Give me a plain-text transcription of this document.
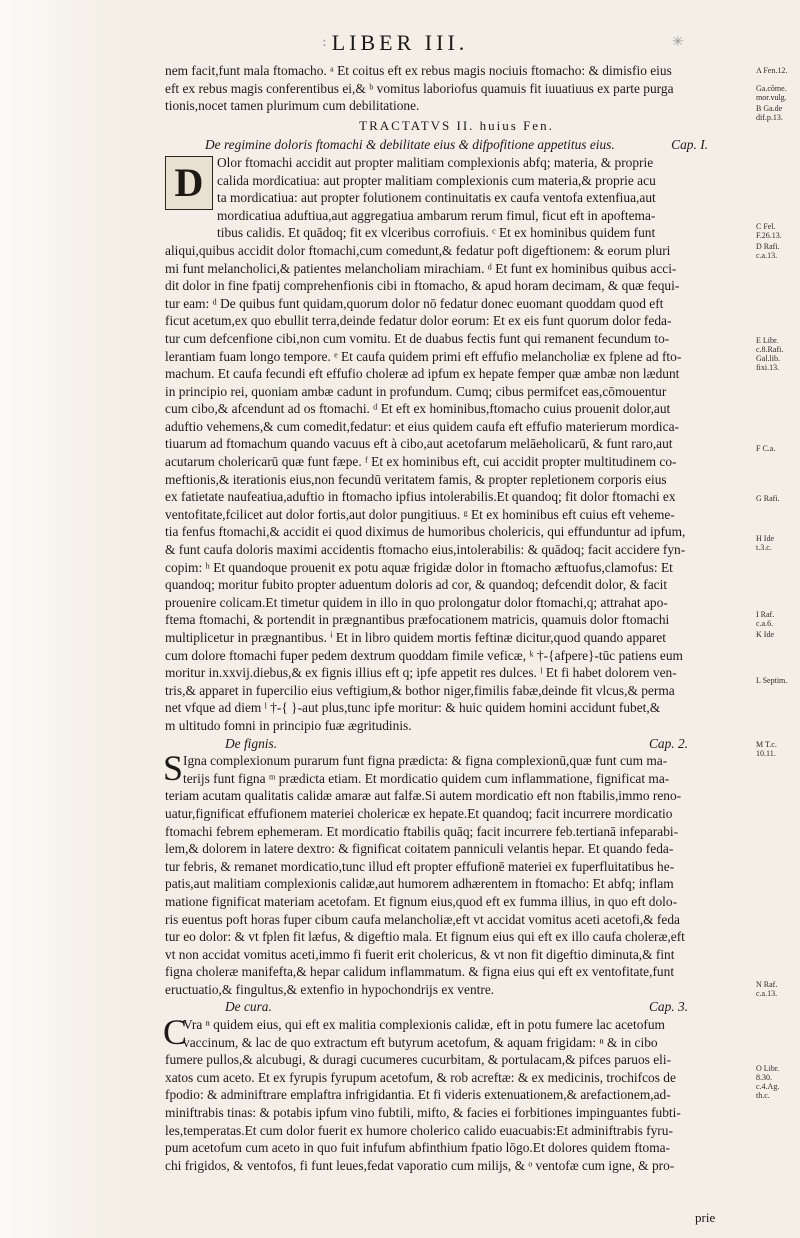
:	✳
LIBER III.
nem facit,funt mala ftomacho. ᵃ Et coitus eft ex rebus magis nociuis ftomacho: & dimisfio eius
eft ex rebus magis conferentibus ei,& ᵇ vomitus laboriofus quamuis fit iuuatiuus ex parte purga
tionis,nocet tamen plurimum cum debilitatione.
TRACTATVS II. huius Fen.
De regimine doloris ftomachi & debilitate eius & difpofitione appetitus eius.	Cap. I.
D	Olor ftomachi accidit aut propter malitiam complexionis abfq; materia, & proprie
calida mordicatiua: aut propter malitiam complexionis cum materia,& proprie acu
ta mordicatiua: aut propter folutionem continuitatis ex caufa ventofa extenfiua,aut
mordicatiua aduftiua,aut aggregatiua ambarum rerum fimul, ficut eft in apoftema-
tibus calidis. Et quādoq; fit ex vlceribus corrofiuis. ᶜ Et ex hominibus quidem funt
aliqui,quibus accidit dolor ftomachi,cum comedunt,& fedatur poft digeftionem: & eorum pluri
mi funt melancholici,& patientes melancholiam mirachiam. ᵈ Et funt ex hominibus quibus acci-
dit dolor in fine fpatij comprehenfionis cibi in ftomacho, & apud horam decimam, & quæ fequi-
tur eam: ᵈ De quibus funt quidam,quorum dolor nō fedatur donec euomant quoddam quod eft
ficut acetum,ex quo ebullit terra,deinde fedatur dolor eorum: Et ex eis funt quorum dolor feda-
tur cum defcenfione cibi,non cum vomitu. Et de duabus fectis funt qui remanent fecundum to-
lerantiam fuam longo tempore. ᵉ Et caufa quidem primi eft effufio melancholiæ ex fplene ad fto-
machum. Et caufa fecundi eft effufio choleræ ad ipfum ex hepate femper quæ ambæ non lædunt
in principio rei, quoniam ambæ cadunt in profundum. Cumq; cibus permifcet eas,cōmouentur
cum cibo,& afcendunt ad os ftomachi. ᵈ Et eft ex hominibus,ftomacho cuius prouenit dolor,aut
aduftio vehemens,& cum comedit,fedatur: et eius quidem caufa eft effufio materierum mordica-
tiuarum ad ftomachum quando vacuus eft à cibo,aut acetofarum melāeholicarū, & funt raro,aut
acutarum cholericarū quæ funt fæpe. ᶠ Et ex hominibus eft, cui accidit propter multitudinem co-
meftionis,& iterationis eius,non fecundū veritatem famis, & propter repletionem corporis eius
ex fatietate naufeatiua,aduftio in ftomacho ipfius intolerabilis.Et quandoq; fit dolor ftomachi ex
ventofitate,fcilicet aut dolor fortis,aut dolor pungitiuus. ᵍ Et ex hominibus eft cuius eft veheme-
tia fenfus ftomachi,& accidit ei quod diximus de humoribus cholericis, qui effunduntur ad ipfum,
& funt caufa doloris maximi accidentis ftomacho eius,intolerabilis: & quādoq; facit accidere fyn-
copim: ʰ Et quandoque prouenit ex potu aquæ frigidæ dolor in ftomacho æftuofus,clamofus: Et
quandoq; moritur fubito propter aduentum doloris ad cor, & quandoq; defcendit dolor, & facit
prouenire colicam.Et timetur quidem in illo in quo prolongatur dolor ftomachi,q; attrahat apo-
ftema ftomachi, & portendit in prægnantibus præfocationem matricis, quamuis dolor ftomachi
multiplicetur in prægnantibus. ⁱ Et in libro quidem mortis feftinæ dicitur,quod quando apparet
cum dolore ftomachi fuper pedem dextrum quoddam fimile veficæ, ᵏ †-{afpere}-tūc patiens eum
moritur in.xxvij.diebus,& ex fignis illius eft q; ipfe appetit res dulces. ˡ Et fi habet dolorem ven-
tris,& apparet in fupercilio eius veftigium,& bothor niger,fimilis fabæ,deinde fit vlcus,& perma
net vfque ad diem ˡ †-{ }-aut plus,tunc ipfe moritur: & huic quidem homini accidunt fubet,&
m ultitudo fomni in principio fuæ ægritudinis.
De fignis.	Cap. 2.
S Igna complexionum purarum funt figna prædicta: & figna complexionū,quæ funt cum ma-
terijs funt figna ᵐ prædicta etiam. Et mordicatio quidem cum inflammatione, fignificat ma-
teriam acutam qualitatis calidæ amaræ aut falfæ.Si autem mordicatio eft non ftabilis,immo reno-
uatur,fignificat effufionem materiei cholericæ ex hepate.Et quandoq; facit incurrere mordicatio
ftomachi febrem ephemeram. Et mordicatio ftabilis quāq; facit incurrere feb.tertianā infeparabi-
lem,& dolorem in latere dextro: & fignificat coitatem panniculi velantis hepar. Et quando feda-
tur febris, & remanet mordicatio,tunc illud eft propter effufionē materiei ex fuperfluitatibus he-
patis,aut malitiam complexionis calidæ,aut humorem adhærentem in ftomacho: Et abfq; inflam
matione fignificat materiam acetofam. Et fignum eius,quod eft ex fumma illius, in quo eft dolo-
ris euentus poft horas fuper cibum caufa melancholiæ,eft vt accidat vomitus aceti acetofi,& feda
tur eo dolor: & vt fplen fit læfus, & digeftio mala. Et fignum eius qui eft ex illo caufa choleræ,eft
vt non accidat vomitus aceti,immo fi fuerit erit cholericus, & vt non fit digeftio diminuta,& fint
figna choleræ manifefta,& hepar calidum inflammatum. & figna eius qui eft ex ventofitate,funt
eructuatio,& fingultus,& extenfio in hypochondrijs ex ventre.
De cura.	Cap. 3.
C
Vra ⁿ quidem eius, qui eft ex malitia complexionis calidæ, eft in potu fumere lac acetofum
vaccinum, & lac de quo extractum eft butyrum acetofum, & aquam frigidam: ⁿ & in cibo
fumere pullos,& alcubugi, & duragi cucumeres cucurbitam, & portulacam,& pifces paruos eli-
xatos cum aceto. Et ex fyrupis fyrupum acetofum, & rob acreftæ: & ex medicinis, trochifcos de
fpodio: & adminiftrare emplaftra infrigidantia. Et fi videris extenuationem,& arefactionem,ad-
miniftrabis tinas: & potabis ipfum vino fubtili, mifto, & facies ei forbitiones impinguantes fubti-
les,temperatas.Et cum dolor fuerit ex humore cholerico calido euacuabis:Et adminiftrabis fyru-
pum acetofum cum aceto in quo fuit infufum abfinthium fpatio lōgo.Et dolores quidem ftoma-
chi frigidos, & ventofos, fi funt leues,fedat vaporatio cum milijs, & ᵒ ventofæ cum igne, & pro-
A Fen.12.
Ga.cōme.
mor.vulg.
B Ga.de
dif.p.13.
C Fel.
F.26.13.
D Rafi.
c.a.13.
E Libr.
c.8.Rafi.
Gal.lib.
fixi.13.
F C.a.
G Rafi.
H Ide
t.3.c.
I Raf.
c.a.6.
K Ide
L Septim.
M T.c.
10.11.
N Raf.
c.a.13.
O Libr.
8.30.
c.4.Ag.
th.c.
prie
